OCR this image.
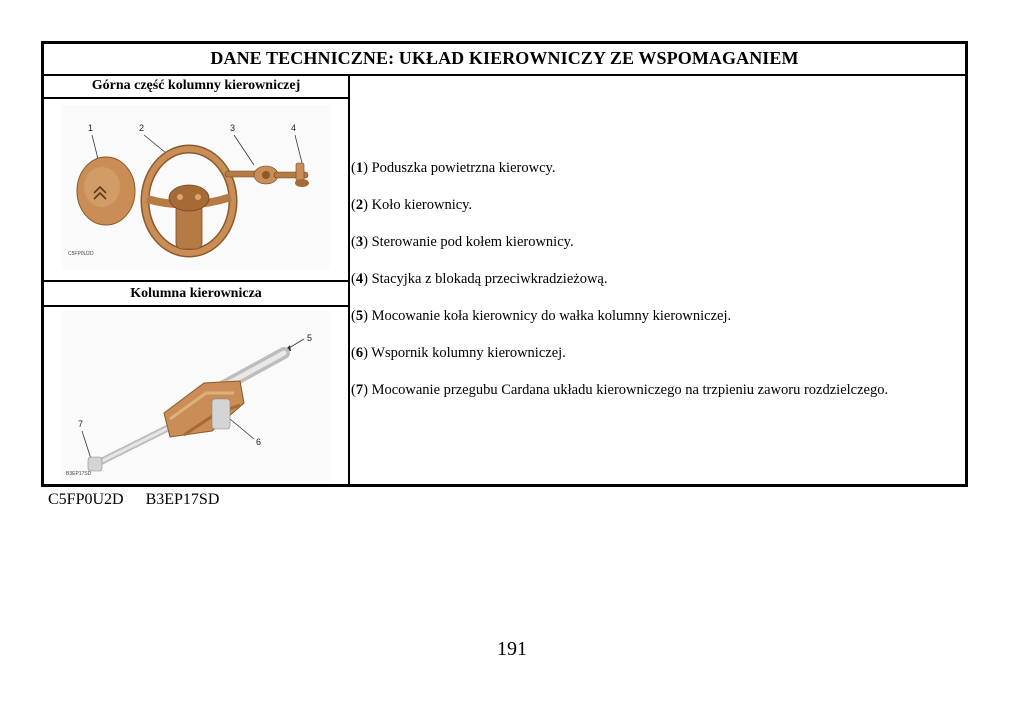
DANE TECHNICZNE: UKŁAD KIEROWNICZY ZE WSPOMAGANIEM
Górna część kolumny kierowniczej
1	2	3	4
C5FP0U2D
Kolumna kierownicza
5
6
7
B3EP17SD
(1) Poduszka powietrzna kierowcy.
(2) Koło kierownicy.
(3) Sterowanie pod kołem kierownicy.
(4) Stacyjka z blokadą przeciwkradzieżową.
(5) Mocowanie koła kierownicy do wałka kolumny kierowniczej.
(6) Wspornik kolumny kierowniczej.
(7) Mocowanie przegubu Cardana układu kierowniczego na trzpieniu zaworu rozdzielczego.
C5FP0U2D B3EP17SD
191
